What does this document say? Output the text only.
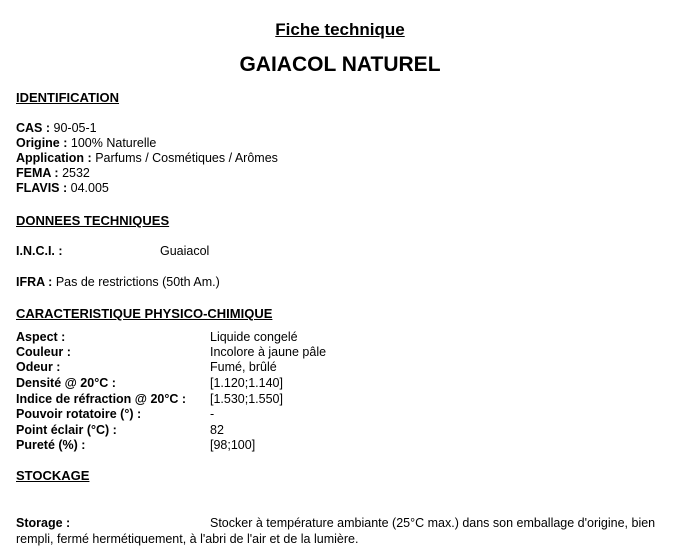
Fiche technique
GAIACOL NATUREL
IDENTIFICATION
CAS : 90-05-1
Origine : 100% Naturelle
Application : Parfums / Cosmétiques / Arômes
FEMA : 2532
FLAVIS : 04.005
DONNEES TECHNIQUES
I.N.C.I. :	Guaiacol
IFRA : Pas de restrictions (50th Am.)
CARACTERISTIQUE PHYSICO-CHIMIQUE
Aspect :	Liquide congelé
Couleur :	Incolore à jaune pâle
Odeur :	Fumé, brûlé
Densité @ 20°C :	[1.120;1.140]
Indice de réfraction @ 20°C : [1.530;1.550]
Pouvoir rotatoire (°) :	-
Point éclair (°C) :	82
Pureté (%) :	[98;100]
STOCKAGE
Storage :	Stocker à température ambiante (25°C max.) dans son emballage d'origine, bien rempli, fermé hermétiquement, à l'abri de l'air et de la lumière.
